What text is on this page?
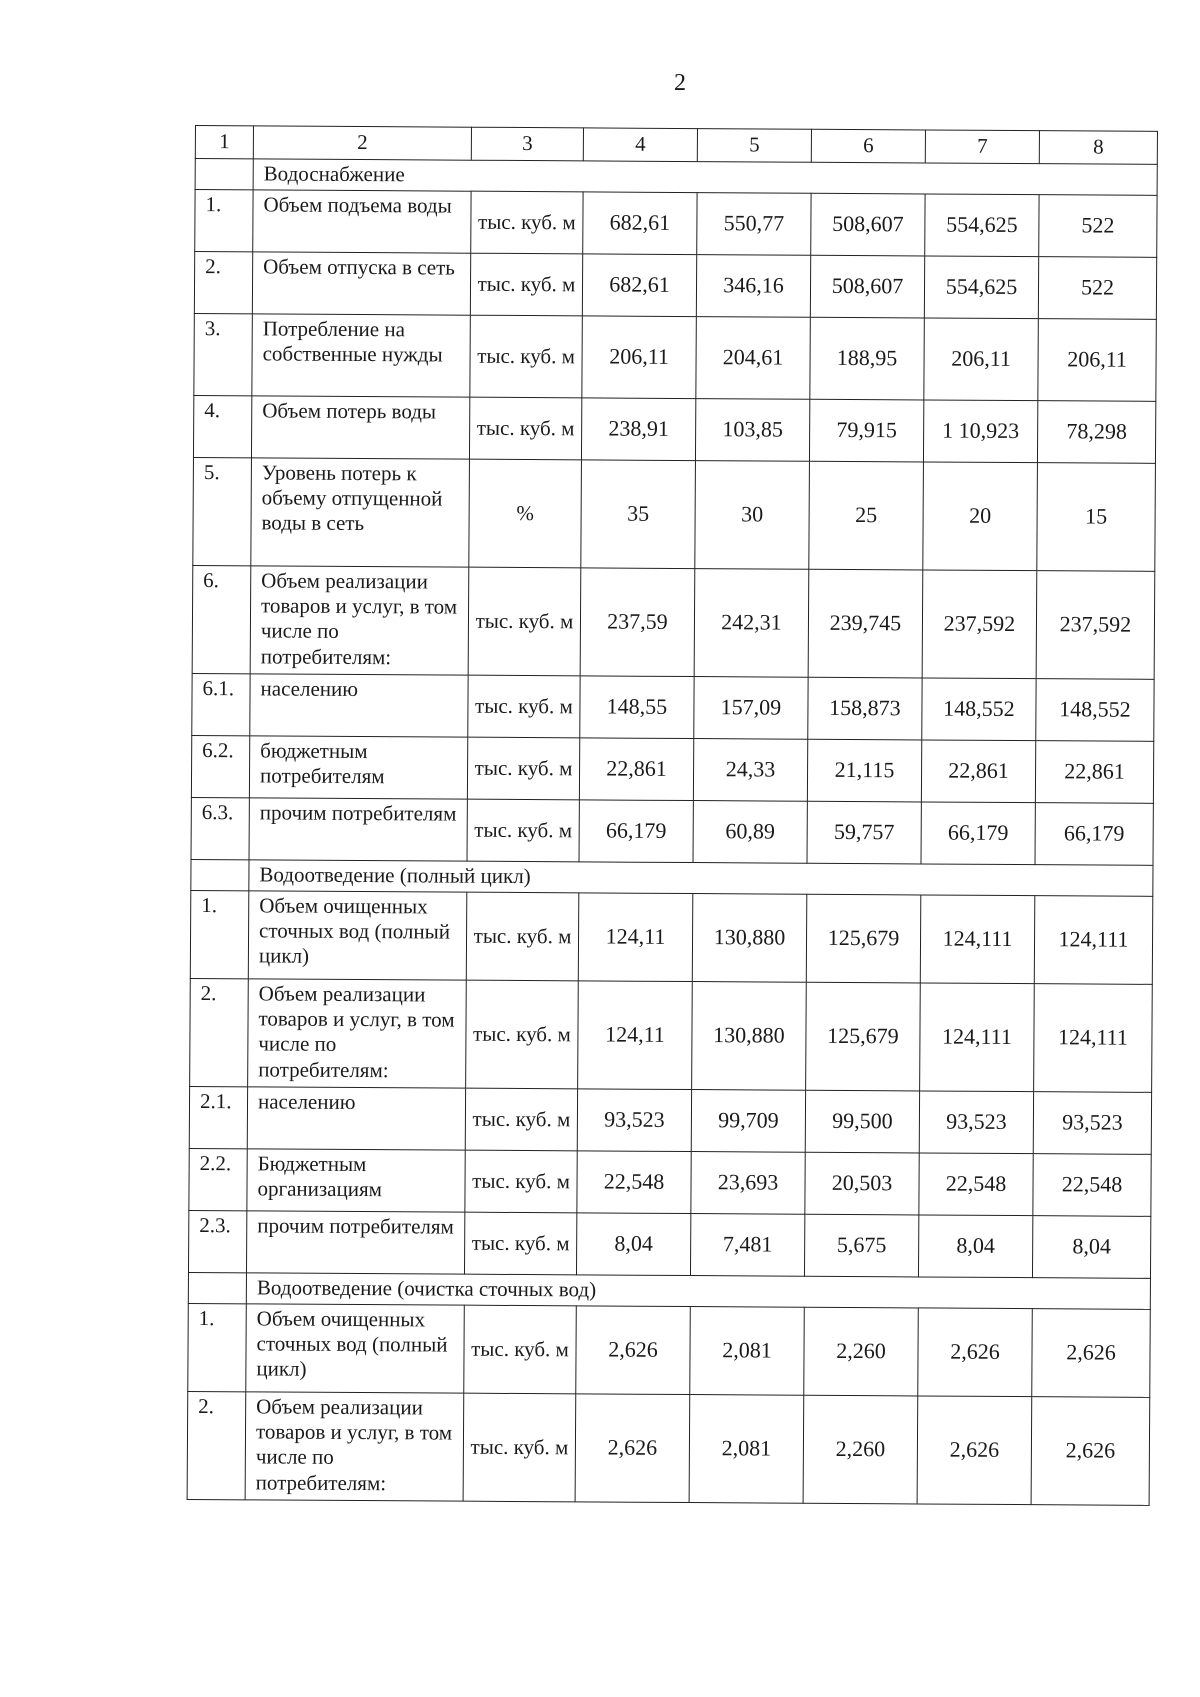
2
1	2	3	4	5	6	7	8
	Водоснабжение						
1.	Объем подъема воды	тыс. куб. м	682,61	550,77	508,607	554,625	522
2.	Объем отпуска в сеть	тыс. куб. м	682,61	346,16	508,607	554,625	522
3.	Потребление на собственные нужды	тыс. куб. м	206,11	204,61	188,95	206,11	206,11
4.	Объем потерь воды	тыс. куб. м	238,91	103,85	79,915	1 10,923	78,298
5.	Уровень потерь к объему отпущенной воды в сеть	%	35	30	25	20	15
6.	Объем реализации товаров и услуг, в том числе по потребителям:	тыс. куб. м	237,59	242,31	239,745	237,592	237,592
6.1.	населению	тыс. куб. м	148,55	157,09	158,873	148,552	148,552
6.2.	бюджетным потребителям	тыс. куб. м	22,861	24,33	21,115	22,861	22,861
6.3.	прочим потребителям	тыс. куб. м	66,179	60,89	59,757	66,179	66,179
	Водоотведение (полный цикл)						
1.	Объем очищенных сточных вод (полный цикл)	тыс. куб. м	124,11	130,880	125,679	124,111	124,111
2.	Объем реализации товаров и услуг, в том числе по потребителям:	тыс. куб. м	124,11	130,880	125,679	124,111	124,111
2.1.	населению	тыс. куб. м	93,523	99,709	99,500	93,523	93,523
2.2.	Бюджетным организациям	тыс. куб. м	22,548	23,693	20,503	22,548	22,548
2.3.	прочим потребителям	тыс. куб. м	8,04	7,481	5,675	8,04	8,04
	Водоотведение (очистка сточных вод)						
1.	Объем очищенных сточных вод (полный цикл)	тыс. куб. м	2,626	2,081	2,260	2,626	2,626
2.	Объем реализации товаров и услуг, в том числе по потребителям:	тыс. куб. м	2,626	2,081	2,260	2,626	2,626
